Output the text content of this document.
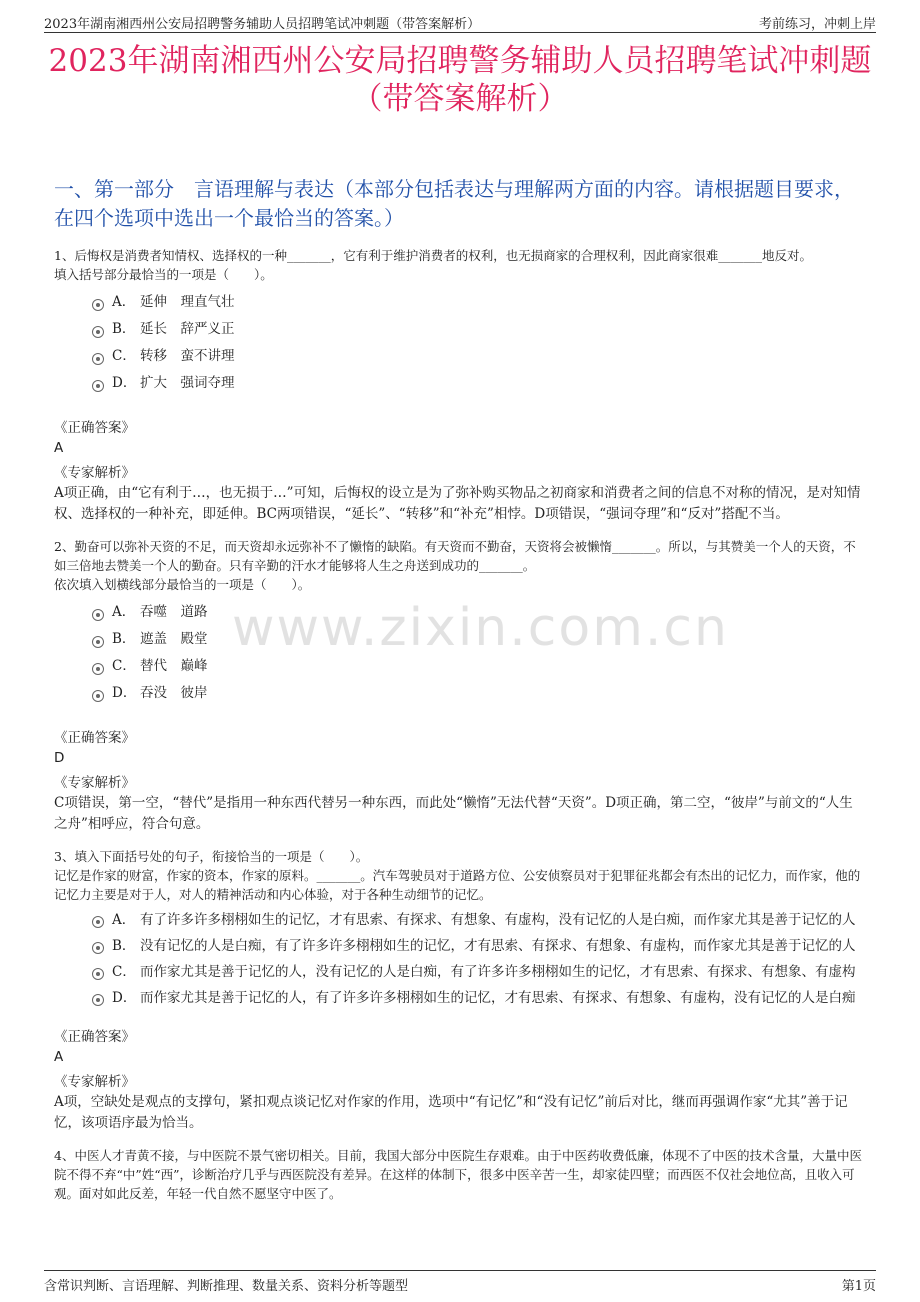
2023年湖南湘西州公安局招聘警务辅助人员招聘笔试冲刺题（带答案解析）	考前练习，冲刺上岸
2023年湖南湘西州公安局招聘警务辅助人员招聘笔试冲刺题
（带答案解析）
一、第一部分　言语理解与表达（本部分包括表达与理解两方面的内容。请根据题目要求，在四个选项中选出一个最恰当的答案。）
www.zixin.com.cn

1、后悔权是消费者知情权、选择权的一种_______，它有利于维护消费者的权利，也无损商家的合理权利，因此商家很难_______地反对。

填入括号部分最恰当的一项是（　　）。

A． 延伸　理直气壮
B． 延长　辞严义正
C． 转移　蛮不讲理
D． 扩大　强词夺理
《正确答案》
A
《专家解析》
A项正确，由“它有利于…，也无损于…”可知，后悔权的设立是为了弥补购买物品之初商家和消费者之间的信息不对称的情况，是对知情权、选择权的一种补充，即延伸。BC两项错误，“延长”、“转移”和“补充”相悖。D项错误，“强词夺理”和“反对”搭配不当。

2、勤奋可以弥补天资的不足，而天资却永远弥补不了懒惰的缺陷。有天资而不勤奋，天资将会被懒惰_______。所以，与其赞美一个人的天资，不如三倍地去赞美一个人的勤奋。只有辛勤的汗水才能够将人生之舟送到成功的_______。

依次填入划横线部分最恰当的一项是（　　）。

A． 吞噬　道路
B． 遮盖　殿堂
C． 替代　巅峰
D． 吞没　彼岸
《正确答案》
D
《专家解析》
C项错误，第一空，“替代”是指用一种东西代替另一种东西，而此处“懒惰”无法代替“天资”。D项正确，第二空，“彼岸”与前文的“人生之舟”相呼应，符合句意。

3、填入下面括号处的句子，衔接恰当的一项是（　　）。

记忆是作家的财富，作家的资本，作家的原料。_______。汽车驾驶员对于道路方位、公安侦察员对于犯罪征兆都会有杰出的记忆力，而作家，他的记忆力主要是对于人，对人的精神活动和内心体验，对于各种生动细节的记忆。

A． 有了许多许多栩栩如生的记忆，才有思索、有探求、有想象、有虚构，没有记忆的人是白痴，而作家尤其是善于记忆的人
B． 没有记忆的人是白痴，有了许多许多栩栩如生的记忆，才有思索、有探求、有想象、有虚构，而作家尤其是善于记忆的人
C． 而作家尤其是善于记忆的人，没有记忆的人是白痴，有了许多许多栩栩如生的记忆，才有思索、有探求、有想象、有虚构
D． 而作家尤其是善于记忆的人，有了许多许多栩栩如生的记忆，才有思索、有探求、有想象、有虚构，没有记忆的人是白痴
《正确答案》
A
《专家解析》
A项，空缺处是观点的支撑句，紧扣观点谈记忆对作家的作用，选项中“有记忆”和“没有记忆”前后对比，继而再强调作家“尤其”善于记忆，该项语序最为恰当。

4、中医人才青黄不接，与中医院不景气密切相关。目前，我国大部分中医院生存艰难。由于中医药收费低廉，体现不了中医的技术含量，大量中医院不得不弃“中”姓“西”，诊断治疗几乎与西医院没有差异。在这样的体制下，很多中医辛苦一生，却家徒四壁；而西医不仅社会地位高，且收入可观。面对如此反差，年轻一代自然不愿坚守中医了。

含常识判断、言语理解、判断推理、数量关系、资料分析等题型	第1页
